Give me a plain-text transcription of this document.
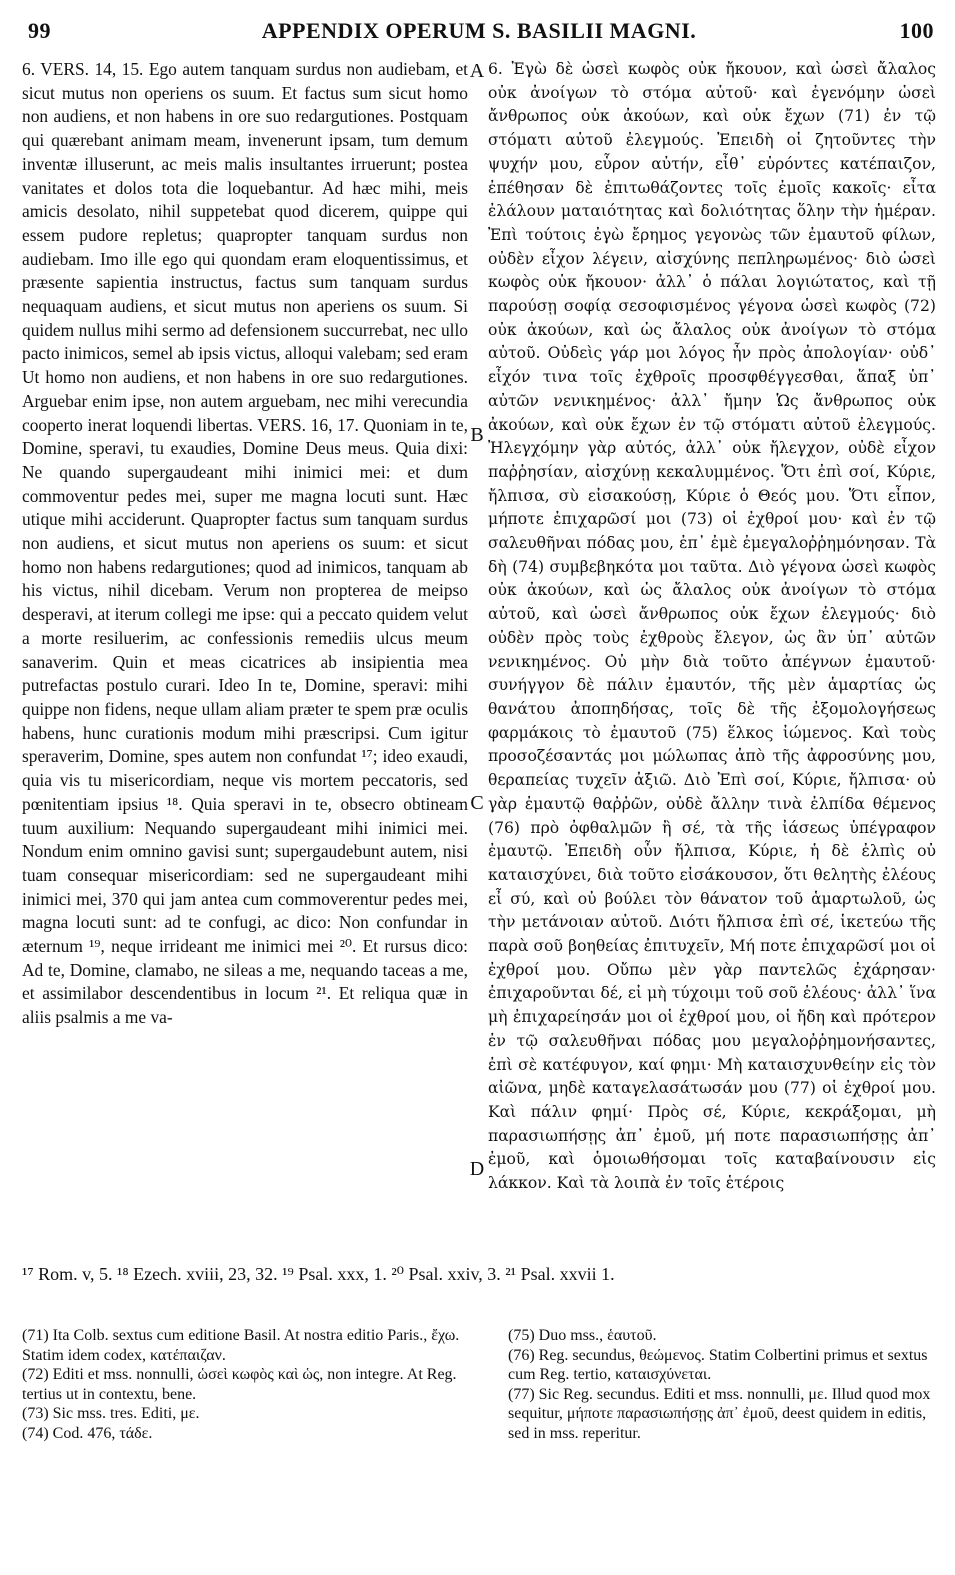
99	APPENDIX OPERUM S. BASILII MAGNI.	100

6. VERS. 14, 15. Ego autem tanquam surdus non audiebam, et sicut mutus non operiens os suum. Et factus sum sicut homo non audiens, et non habens in ore suo redargutiones. Postquam qui quærebant animam meam, invenerunt ipsam, tum demum inventæ illuserunt, ac meis malis insultantes irruerunt; postea vanitates et dolos tota die loquebantur. Ad hæc mihi, meis amicis desolato, nihil suppetebat quod dicerem, quippe qui essem pudore repletus; quapropter tanquam surdus non audiebam. Imo ille ego qui quondam eram eloquentissimus, et præsente sapientia instructus, factus sum tanquam surdus nequaquam audiens, et sicut mutus non aperiens os suum. Si quidem nullus mihi sermo ad defensionem succurrebat, nec ullo pacto inimicos, semel ab ipsis victus, alloqui valebam; sed eram Ut homo non audiens, et non habens in ore suo redargutiones. Arguebar enim ipse, non autem arguebam, nec mihi verecundia cooperto inerat loquendi libertas. VERS. 16, 17. Quoniam in te, Domine, speravi, tu exaudies, Domine Deus meus. Quia dixi: Ne quando supergaudeant mihi inimici mei: et dum commoventur pedes mei, super me magna locuti sunt. Hæc utique mihi acciderunt. Quapropter factus sum tanquam surdus non audiens, et sicut mutus non aperiens os suum: et sicut homo non habens redargutiones; quod ad inimicos, tanquam ab his victus, nihil dicebam. Verum non propterea de meipso desperavi, at iterum collegi me ipse: qui a peccato quidem velut a morte resiluerim, ac confessionis remediis ulcus meum sanaverim. Quin et meas cicatrices ab insipientia mea putrefactas postulo curari. Ideo In te, Domine, speravi: mihi quippe non fidens, neque ullam aliam præter te spem præ oculis habens, hunc curationis modum mihi præscripsi. Cum igitur speraverim, Domine, spes autem non confundat ¹⁷; ideo exaudi, quia vis tu misericordiam, neque vis mortem peccatoris, sed pœnitentiam ipsius ¹⁸. Quia speravi in te, obsecro obtineam tuum auxilium: Nequando supergaudeant mihi inimici mei. Nondum enim omnino gavisi sunt; supergaudebunt autem, nisi tuam consequar misericordiam: sed ne supergaudeant mihi inimici mei, 370 qui jam antea cum commoverentur pedes mei, magna locuti sunt: ad te confugi, ac dico: Non confundar in æternum ¹⁹, neque irrideant me inimici mei ²⁰. Et rursus dico: Ad te, Domine, clamabo, ne sileas a me, nequando taceas a me, et assimilabor descendentibus in locum ²¹. Et reliqua quæ in aliis psalmis a me va-

A
B
C
D

6. Ἐγὼ δὲ ὡσεὶ κωφὸς οὐκ ἤκουον, καὶ ὡσεὶ ἄλαλος οὐκ ἀνοίγων τὸ στόμα αὐτοῦ· καὶ ἐγενόμην ὡσεὶ ἄνθρωπος οὐκ ἀκούων, καὶ οὐκ ἔχων (71) ἐν τῷ στόματι αὐτοῦ ἐλεγμούς. Ἐπειδὴ οἱ ζητοῦντες τὴν ψυχήν μου, εὗρον αὐτήν, εἶθ᾽ εὑρόντες κατέπαιζον, ἐπέθησαν δὲ ἐπιτωθάζοντες τοῖς ἐμοῖς κακοῖς· εἶτα ἐλάλουν ματαιότητας καὶ δολιότητας ὅλην τὴν ἡμέραν. Ἐπὶ τούτοις ἐγὼ ἔρημος γεγονὼς τῶν ἐμαυτοῦ φίλων, οὐδὲν εἶχον λέγειν, αἰσχύνης πεπληρωμένος· διὸ ὡσεὶ κωφὸς οὐκ ἤκουον· ἀλλ᾽ ὁ πάλαι λογιώτατος, καὶ τῇ παρούσῃ σοφίᾳ σεσοφισμένος γέγονα ὡσεὶ κωφὸς (72) οὐκ ἀκούων, καὶ ὡς ἄλαλος οὐκ ἀνοίγων τὸ στόμα αὐτοῦ. Οὐδεὶς γάρ μοι λόγος ἦν πρὸς ἀπολογίαν· οὐδ᾽ εἶχόν τινα τοῖς ἐχθροῖς προσφθέγγεσθαι, ἅπαξ ὑπ᾽ αὐτῶν νενικημένος· ἀλλ᾽ ἤμην Ὡς ἄνθρωπος οὐκ ἀκούων, καὶ οὐκ ἔχων ἐν τῷ στόματι αὐτοῦ ἐλεγμούς. Ἠλεγχόμην γὰρ αὐτός, ἀλλ᾽ οὐκ ἤλεγχον, οὐδὲ εἶχον παῤῥησίαν, αἰσχύνῃ κεκαλυμμένος. Ὅτι ἐπὶ σοί, Κύριε, ἤλπισα, σὺ εἰσακούσῃ, Κύριε ὁ Θεός μου. Ὅτι εἶπον, μήποτε ἐπιχαρῶσί μοι (73) οἱ ἐχθροί μου· καὶ ἐν τῷ σαλευθῆναι πόδας μου, ἐπ᾽ ἐμὲ ἐμεγαλοῤῥημόνησαν. Τὰ δὴ (74) συμβεβηκότα μοι ταῦτα. Διὸ γέγονα ὡσεὶ κωφὸς οὐκ ἀκούων, καὶ ὡς ἄλαλος οὐκ ἀνοίγων τὸ στόμα αὐτοῦ, καὶ ὡσεὶ ἄνθρωπος οὐκ ἔχων ἐλεγμούς· διὸ οὐδὲν πρὸς τοὺς ἐχθροὺς ἔλεγον, ὡς ἂν ὑπ᾽ αὐτῶν νενικημένος. Οὐ μὴν διὰ τοῦτο ἀπέγνων ἐμαυτοῦ· συνήγγον δὲ πάλιν ἐμαυτόν, τῆς μὲν ἁμαρτίας ὡς θανάτου ἀποπηδήσας, τοῖς δὲ τῆς ἐξομολογήσεως φαρμάκοις τὸ ἐμαυτοῦ (75) ἕλκος ἰώμενος. Καὶ τοὺς προσοζέσαντάς μοι μώλωπας ἀπὸ τῆς ἀφροσύνης μου, θεραπείας τυχεῖν ἀξιῶ. Διὸ Ἐπὶ σοί, Κύριε, ἤλπισα· οὐ γὰρ ἐμαυτῷ θαῤῥῶν, οὐδὲ ἄλλην τινὰ ἐλπίδα θέμενος (76) πρὸ ὀφθαλμῶν ἢ σέ, τὰ τῆς ἰάσεως ὑπέγραφον ἐμαυτῷ. Ἐπειδὴ οὖν ἤλπισα, Κύριε, ἡ δὲ ἐλπὶς οὐ καταισχύνει, διὰ τοῦτο εἰσάκουσον, ὅτι θελητὴς ἐλέους εἶ σύ, καὶ οὐ βούλει τὸν θάνατον τοῦ ἁμαρτωλοῦ, ὡς τὴν μετάνοιαν αὐτοῦ. Διότι ἤλπισα ἐπὶ σέ, ἱκετεύω τῆς παρὰ σοῦ βοηθείας ἐπιτυχεῖν, Μή ποτε ἐπιχαρῶσί μοι οἱ ἐχθροί μου. Οὔπω μὲν γὰρ παντελῶς ἐχάρησαν· ἐπιχαροῦνται δέ, εἰ μὴ τύχοιμι τοῦ σοῦ ἐλέους· ἀλλ᾽ ἵνα μὴ ἐπιχαρείησάν μοι οἱ ἐχθροί μου, οἱ ἤδη καὶ πρότερον ἐν τῷ σαλευθῆναι πόδας μου μεγαλοῤῥημονήσαντες, ἐπὶ σὲ κατέφυγον, καί φημι· Μὴ καταισχυνθείην εἰς τὸν αἰῶνα, μηδὲ καταγελασάτωσάν μου (77) οἱ ἐχθροί μου. Καὶ πάλιν φημί· Πρὸς σέ, Κύριε, κεκράξομαι, μὴ παρασιωπήσῃς ἀπ᾽ ἐμοῦ, μή ποτε παρασιωπήσῃς ἀπ᾽ ἐμοῦ, καὶ ὁμοιωθήσομαι τοῖς καταβαίνουσιν εἰς λάκκον. Καὶ τὰ λοιπὰ ἐν τοῖς ἑτέροις

¹⁷ Rom. v, 5. ¹⁸ Ezech. xviii, 23, 32. ¹⁹ Psal. xxx, 1. ²⁰ Psal. xxiv, 3. ²¹ Psal. xxvii 1.

(71) Ita Colb. sextus cum editione Basil. At nostra editio Paris., ἔχω. Statim idem codex, κατέπαιζαν.

(72) Editi et mss. nonnulli, ὡσεὶ κωφὸς καὶ ὡς, non integre. At Reg. tertius ut in contextu, bene.

(73) Sic mss. tres. Editi, με.

(74) Cod. 476, τάδε.

(75) Duo mss., ἑαυτοῦ.

(76) Reg. secundus, θεώμενος. Statim Colbertini primus et sextus cum Reg. tertio, καταισχύνεται.

(77) Sic Reg. secundus. Editi et mss. nonnulli, με. Illud quod mox sequitur, μήποτε παρασιωπήσῃς ἀπ᾽ ἐμοῦ, deest quidem in editis, sed in mss. reperitur.
